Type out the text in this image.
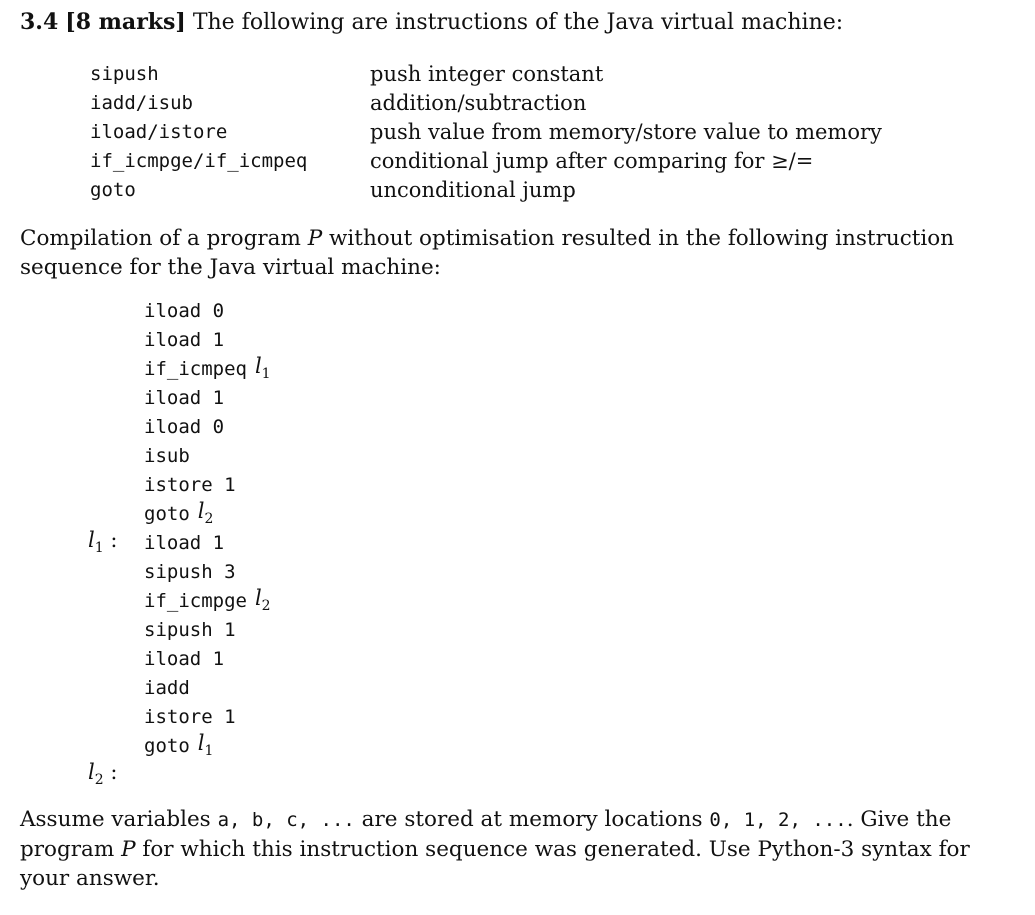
3.4 [8 marks] The following are instructions of the Java virtual machine:

sipush	push integer constant
iadd/isub	addition/subtraction
iload/istore	push value from memory/store value to memory
if_icmpge/if_icmpeq	conditional jump after comparing for ≥/=
goto	unconditional jump

Compilation of a program P without optimisation resulted in the following instruction sequence for the Java virtual machine:

iload 0
iload 1
if_icmpeq $l_1$
iload 1
iload 0
isub
istore 1
goto $l_2$
$l_1$ :	iload 1
sipush 3
if_icmpge $l_2$
sipush 1
iload 1
iadd
istore 1
goto $l_1$
$l_2$ :

Assume variables a, b, c, ... are stored at memory locations 0, 1, 2, .... Give the program P for which this instruction sequence was generated. Use Python-3 syntax for your answer.
